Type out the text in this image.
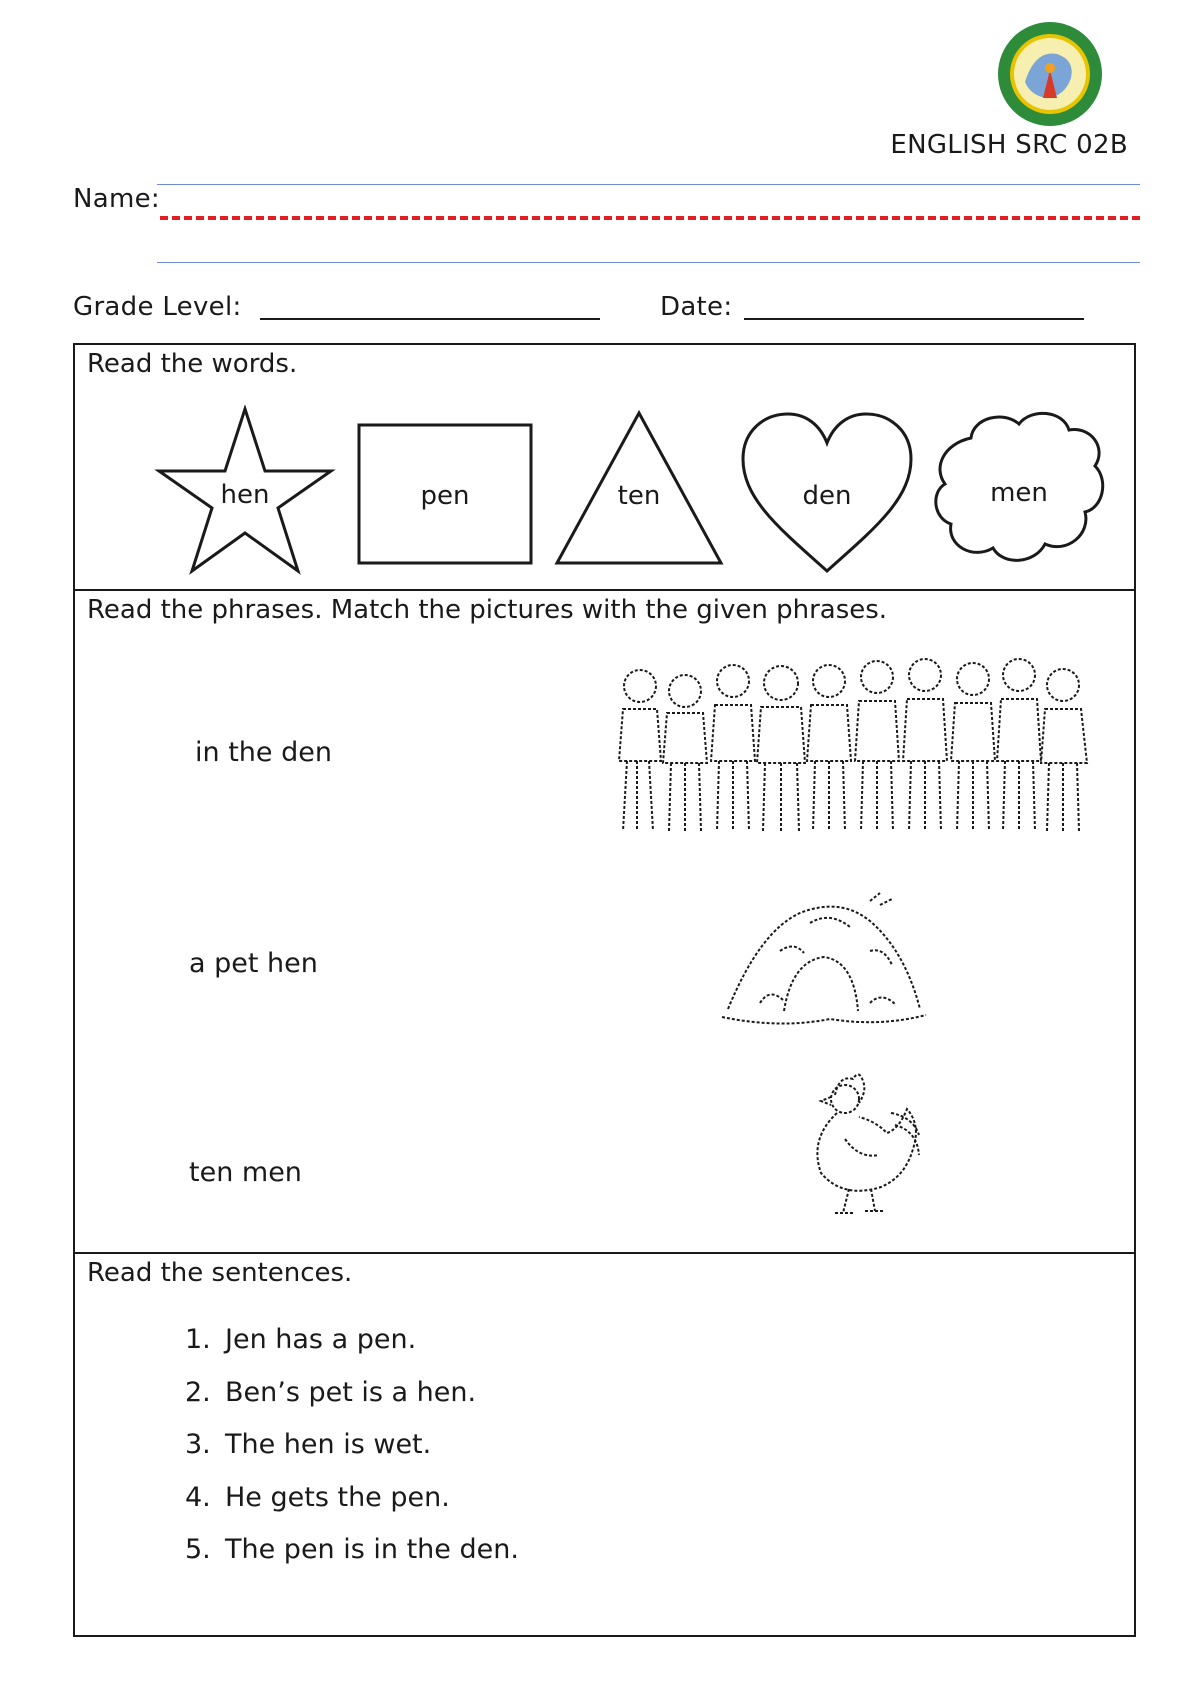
ENGLISH SRC 02B
Name:
Grade Level:	Date:
Read the words.
hen	pen	ten	den	men
Read the phrases. Match the pictures with the given phrases.
in the den
a pet hen
ten men
Read the sentences.
1. Jen has a pen.
2. Ben’s pet is a hen.
3. The hen is wet.
4. He gets the pen.
5. The pen is in the den.
